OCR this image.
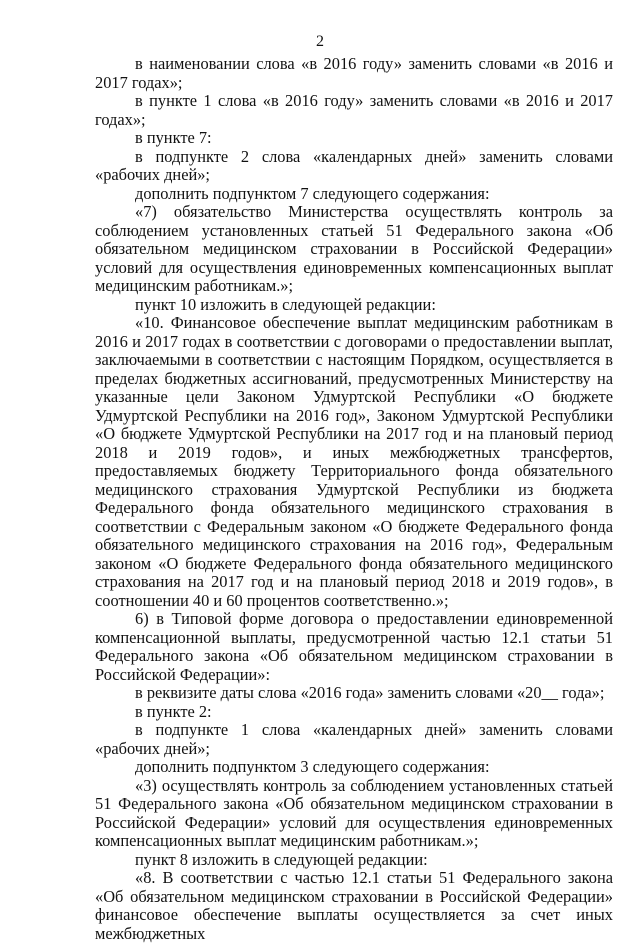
2

в наименовании слова «в 2016 году» заменить словами «в 2016 и 2017 годах»;

в пункте 1 слова «в 2016 году» заменить словами «в 2016 и 2017 годах»;

в пункте 7:

в подпункте 2 слова «календарных дней» заменить словами «рабочих дней»;

дополнить подпунктом 7 следующего содержания:

«7) обязательство Министерства осуществлять контроль за соблюдением установленных статьей 51 Федерального закона «Об обязательном медицинском страховании в Российской Федерации» условий для осуществления единовременных компенсационных выплат медицинским работникам.»;

пункт 10 изложить в следующей редакции:

«10. Финансовое обеспечение выплат медицинским работникам в 2016 и 2017 годах в соответствии с договорами о предоставлении выплат, заключаемыми в соответствии с настоящим Порядком, осуществляется в пределах бюджетных ассигнований, предусмотренных Министерству на указанные цели Законом Удмуртской Республики «О бюджете Удмуртской Республики на 2016 год», Законом Удмуртской Республики «О бюджете Удмуртской Республики на 2017 год и на плановый период 2018 и 2019 годов», и иных межбюджетных трансфертов, предоставляемых бюджету Территориального фонда обязательного медицинского страхования Удмуртской Республики из бюджета Федерального фонда обязательного медицинского страхования в соответствии с Федеральным законом «О бюджете Федерального фонда обязательного медицинского страхования на 2016 год», Федеральным законом «О бюджете Федерального фонда обязательного медицинского страхования на 2017 год и на плановый период 2018 и 2019 годов», в соотношении 40 и 60 процентов соответственно.»;

6) в Типовой форме договора о предоставлении единовременной компенсационной выплаты, предусмотренной частью 12.1 статьи 51 Федерального закона «Об обязательном медицинском страховании в Российской Федерации»:

в реквизите даты слова «2016 года» заменить словами «20__ года»;

в пункте 2:

в подпункте 1 слова «календарных дней» заменить словами «рабочих дней»;

дополнить подпунктом 3 следующего содержания:

«3) осуществлять контроль за соблюдением установленных статьей 51 Федерального закона «Об обязательном медицинском страховании в Российской Федерации» условий для осуществления единовременных компенсационных выплат медицинским работникам.»;

пункт 8 изложить в следующей редакции:

«8. В соответствии с частью 12.1 статьи 51 Федерального закона «Об обязательном медицинском страховании в Российской Федерации» финансовое обеспечение выплаты осуществляется за счет иных межбюджетных
